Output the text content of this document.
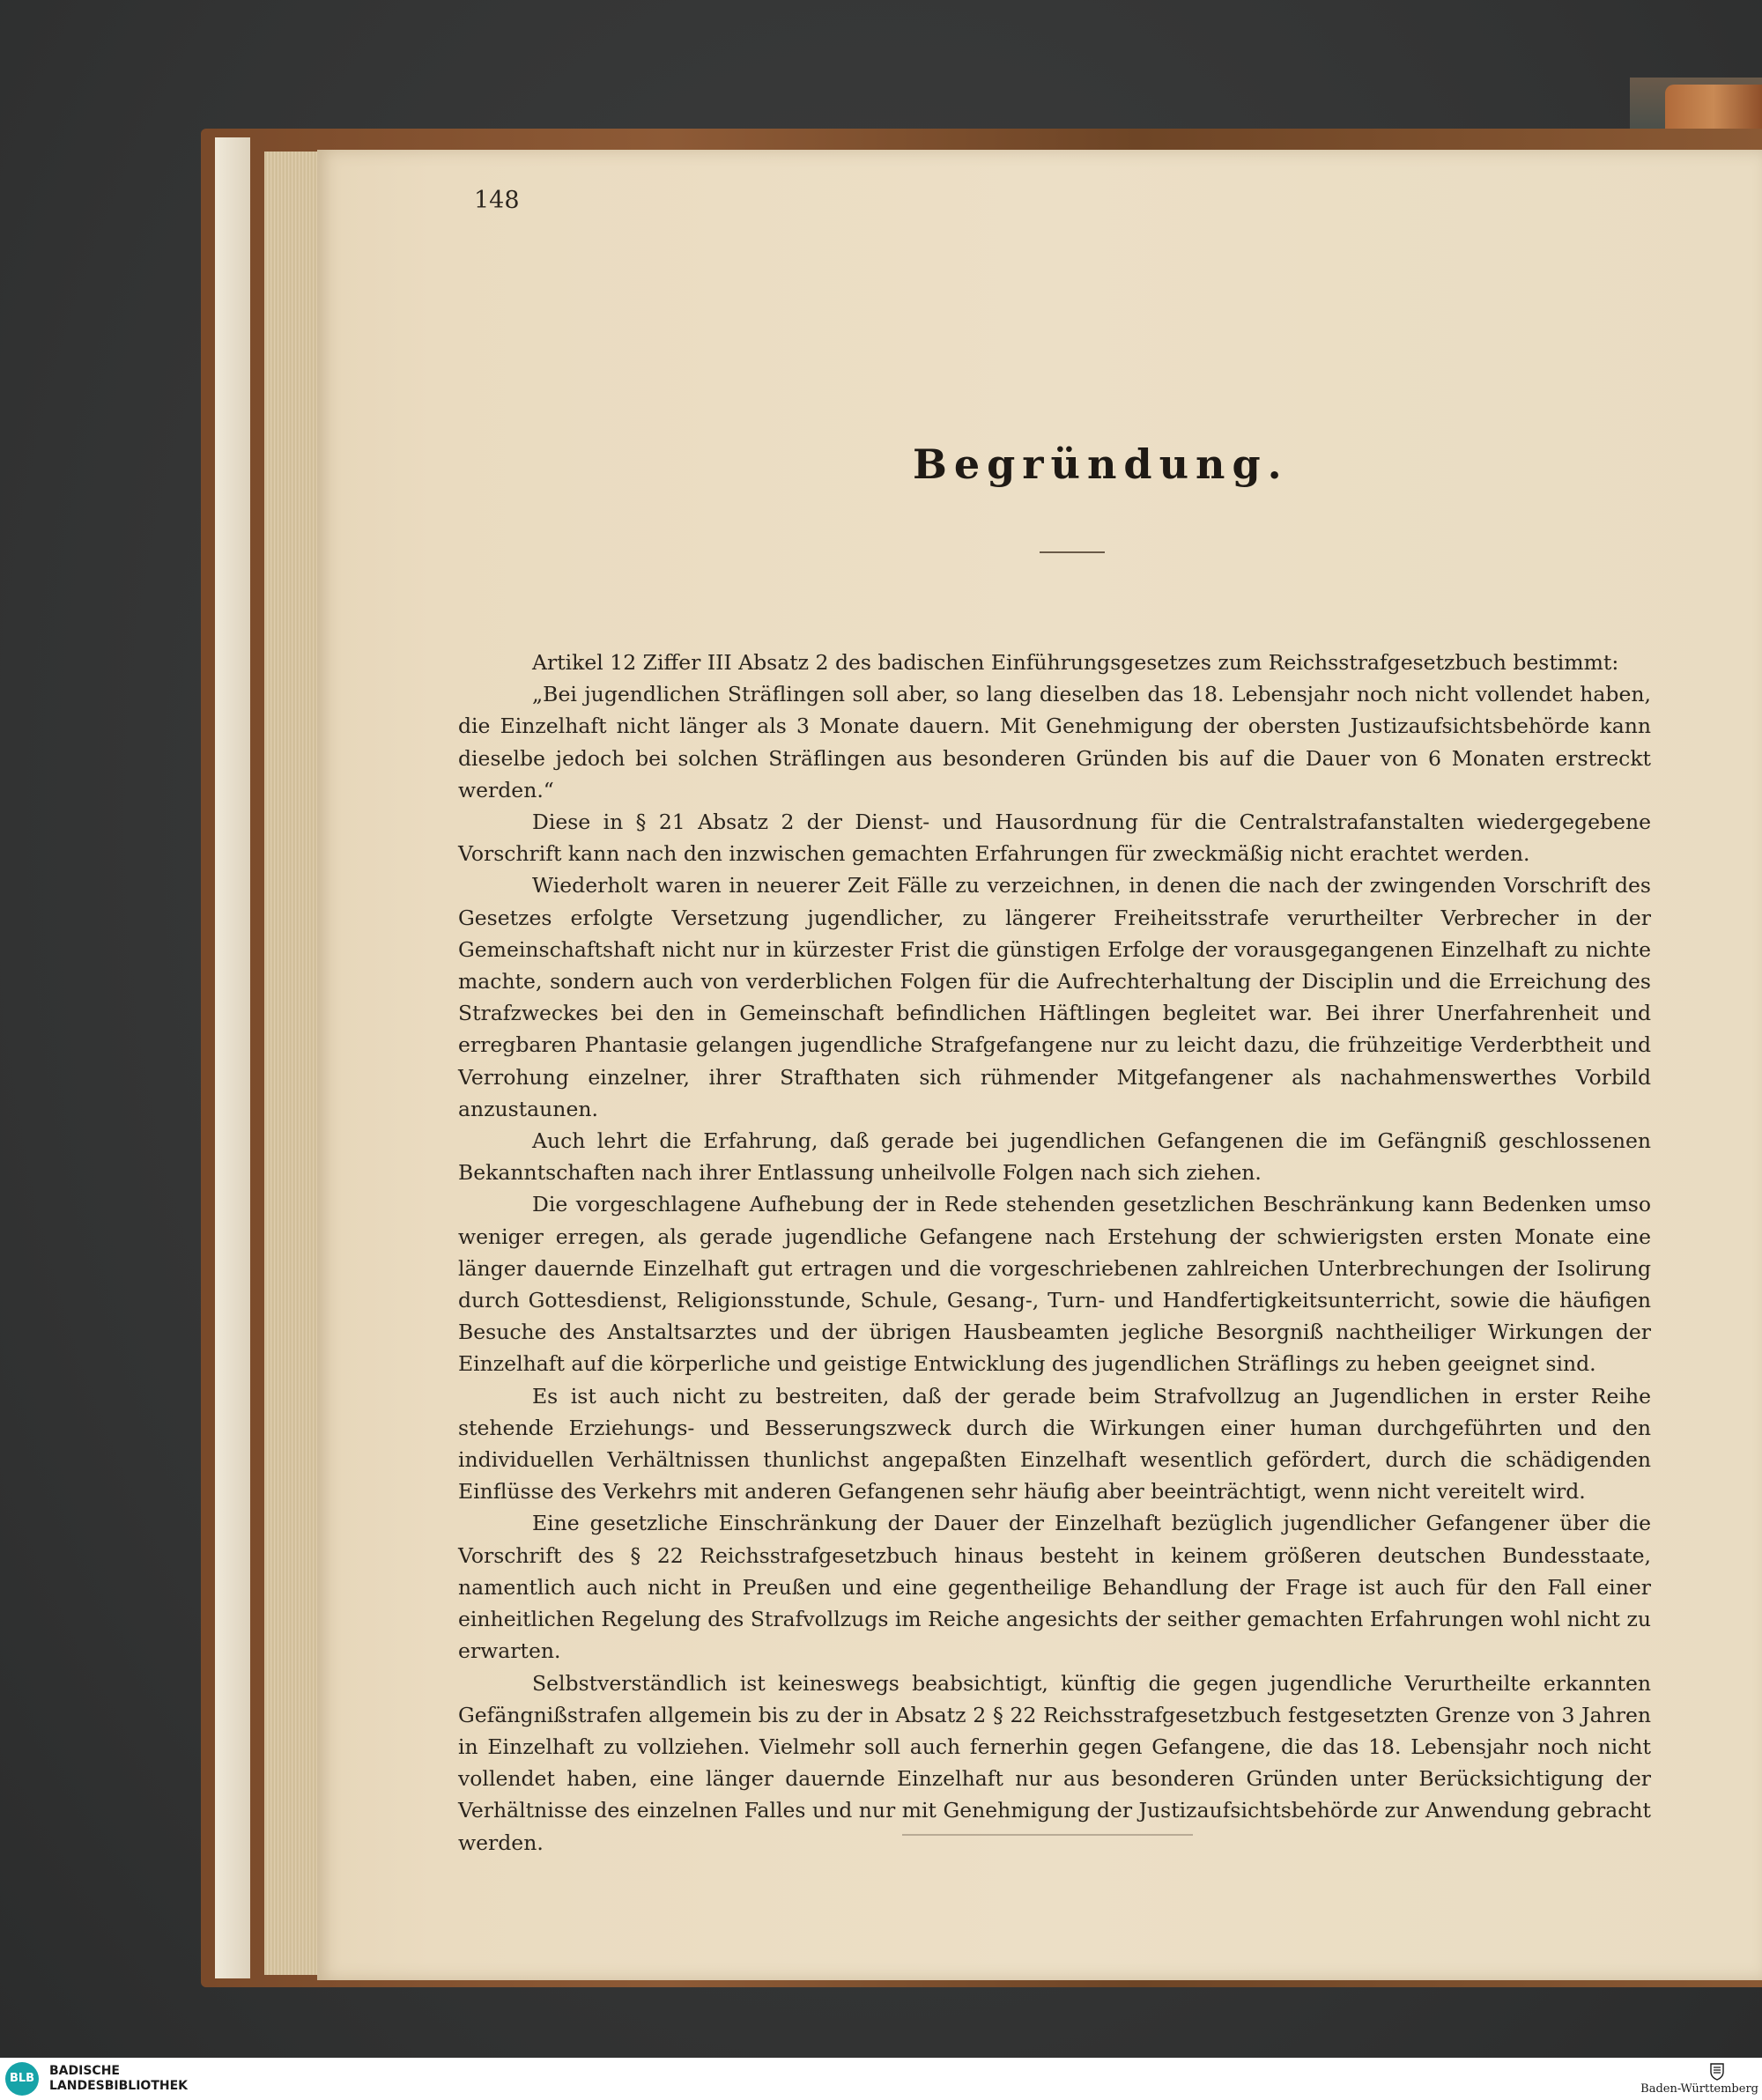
148
Begründung.

Artikel 12 Ziffer III Absatz 2 des badischen Einführungsgesetzes zum Reichsstrafgesetzbuch bestimmt:

„Bei jugendlichen Sträflingen soll aber, so lang dieselben das 18. Lebensjahr noch nicht vollendet haben, die Einzelhaft nicht länger als 3 Monate dauern. Mit Genehmigung der obersten Justizaufsichtsbehörde kann dieselbe jedoch bei solchen Sträflingen aus besonderen Gründen bis auf die Dauer von 6 Monaten erstreckt werden.“

Diese in § 21 Absatz 2 der Dienst- und Hausordnung für die Centralstrafanstalten wiedergegebene Vorschrift kann nach den inzwischen gemachten Erfahrungen für zweckmäßig nicht erachtet werden.

Wiederholt waren in neuerer Zeit Fälle zu verzeichnen, in denen die nach der zwingenden Vorschrift des Gesetzes erfolgte Versetzung jugendlicher, zu längerer Freiheitsstrafe verurtheilter Verbrecher in der Gemeinschaftshaft nicht nur in kürzester Frist die günstigen Erfolge der vorausgegangenen Einzelhaft zu nichte machte, sondern auch von verderblichen Folgen für die Aufrechterhaltung der Disciplin und die Erreichung des Strafzweckes bei den in Gemeinschaft befindlichen Häftlingen begleitet war. Bei ihrer Unerfahrenheit und erregbaren Phantasie gelangen jugendliche Strafgefangene nur zu leicht dazu, die frühzeitige Verderbtheit und Verrohung einzelner, ihrer Strafthaten sich rühmender Mitgefangener als nachahmenswerthes Vorbild anzustaunen.

Auch lehrt die Erfahrung, daß gerade bei jugendlichen Gefangenen die im Gefängniß geschlossenen Bekanntschaften nach ihrer Entlassung unheilvolle Folgen nach sich ziehen.

Die vorgeschlagene Aufhebung der in Rede stehenden gesetzlichen Beschränkung kann Bedenken umso weniger erregen, als gerade jugendliche Gefangene nach Erstehung der schwierigsten ersten Monate eine länger dauernde Einzelhaft gut ertragen und die vorgeschriebenen zahlreichen Unterbrechungen der Isolirung durch Gottesdienst, Religionsstunde, Schule, Gesang-, Turn- und Handfertigkeitsunterricht, sowie die häufigen Besuche des Anstaltsarztes und der übrigen Hausbeamten jegliche Besorgniß nachtheiliger Wirkungen der Einzelhaft auf die körperliche und geistige Entwicklung des jugendlichen Sträflings zu heben geeignet sind.

Es ist auch nicht zu bestreiten, daß der gerade beim Strafvollzug an Jugendlichen in erster Reihe stehende Erziehungs- und Besserungszweck durch die Wirkungen einer human durchgeführten und den individuellen Verhältnissen thunlichst angepaßten Einzelhaft wesentlich gefördert, durch die schädigenden Einflüsse des Verkehrs mit anderen Gefangenen sehr häufig aber beeinträchtigt, wenn nicht vereitelt wird.

Eine gesetzliche Einschränkung der Dauer der Einzelhaft bezüglich jugendlicher Gefangener über die Vorschrift des § 22 Reichsstrafgesetzbuch hinaus besteht in keinem größeren deutschen Bundesstaate, namentlich auch nicht in Preußen und eine gegentheilige Behandlung der Frage ist auch für den Fall einer einheitlichen Regelung des Strafvollzugs im Reiche angesichts der seither gemachten Erfahrungen wohl nicht zu erwarten.

Selbstverständlich ist keineswegs beabsichtigt, künftig die gegen jugendliche Verurtheilte erkannten Gefängnißstrafen allgemein bis zu der in Absatz 2 § 22 Reichsstrafgesetzbuch festgesetzten Grenze von 3 Jahren in Einzelhaft zu vollziehen. Vielmehr soll auch fernerhin gegen Gefangene, die das 18. Lebensjahr noch nicht vollendet haben, eine länger dauernde Einzelhaft nur aus besonderen Gründen unter Berücksichtigung der Verhältnisse des einzelnen Falles und nur mit Genehmigung der Justizaufsichtsbehörde zur Anwendung gebracht werden.

BLB
BADISCHE
LANDESBIBLIOTHEK	Baden-Württemberg
